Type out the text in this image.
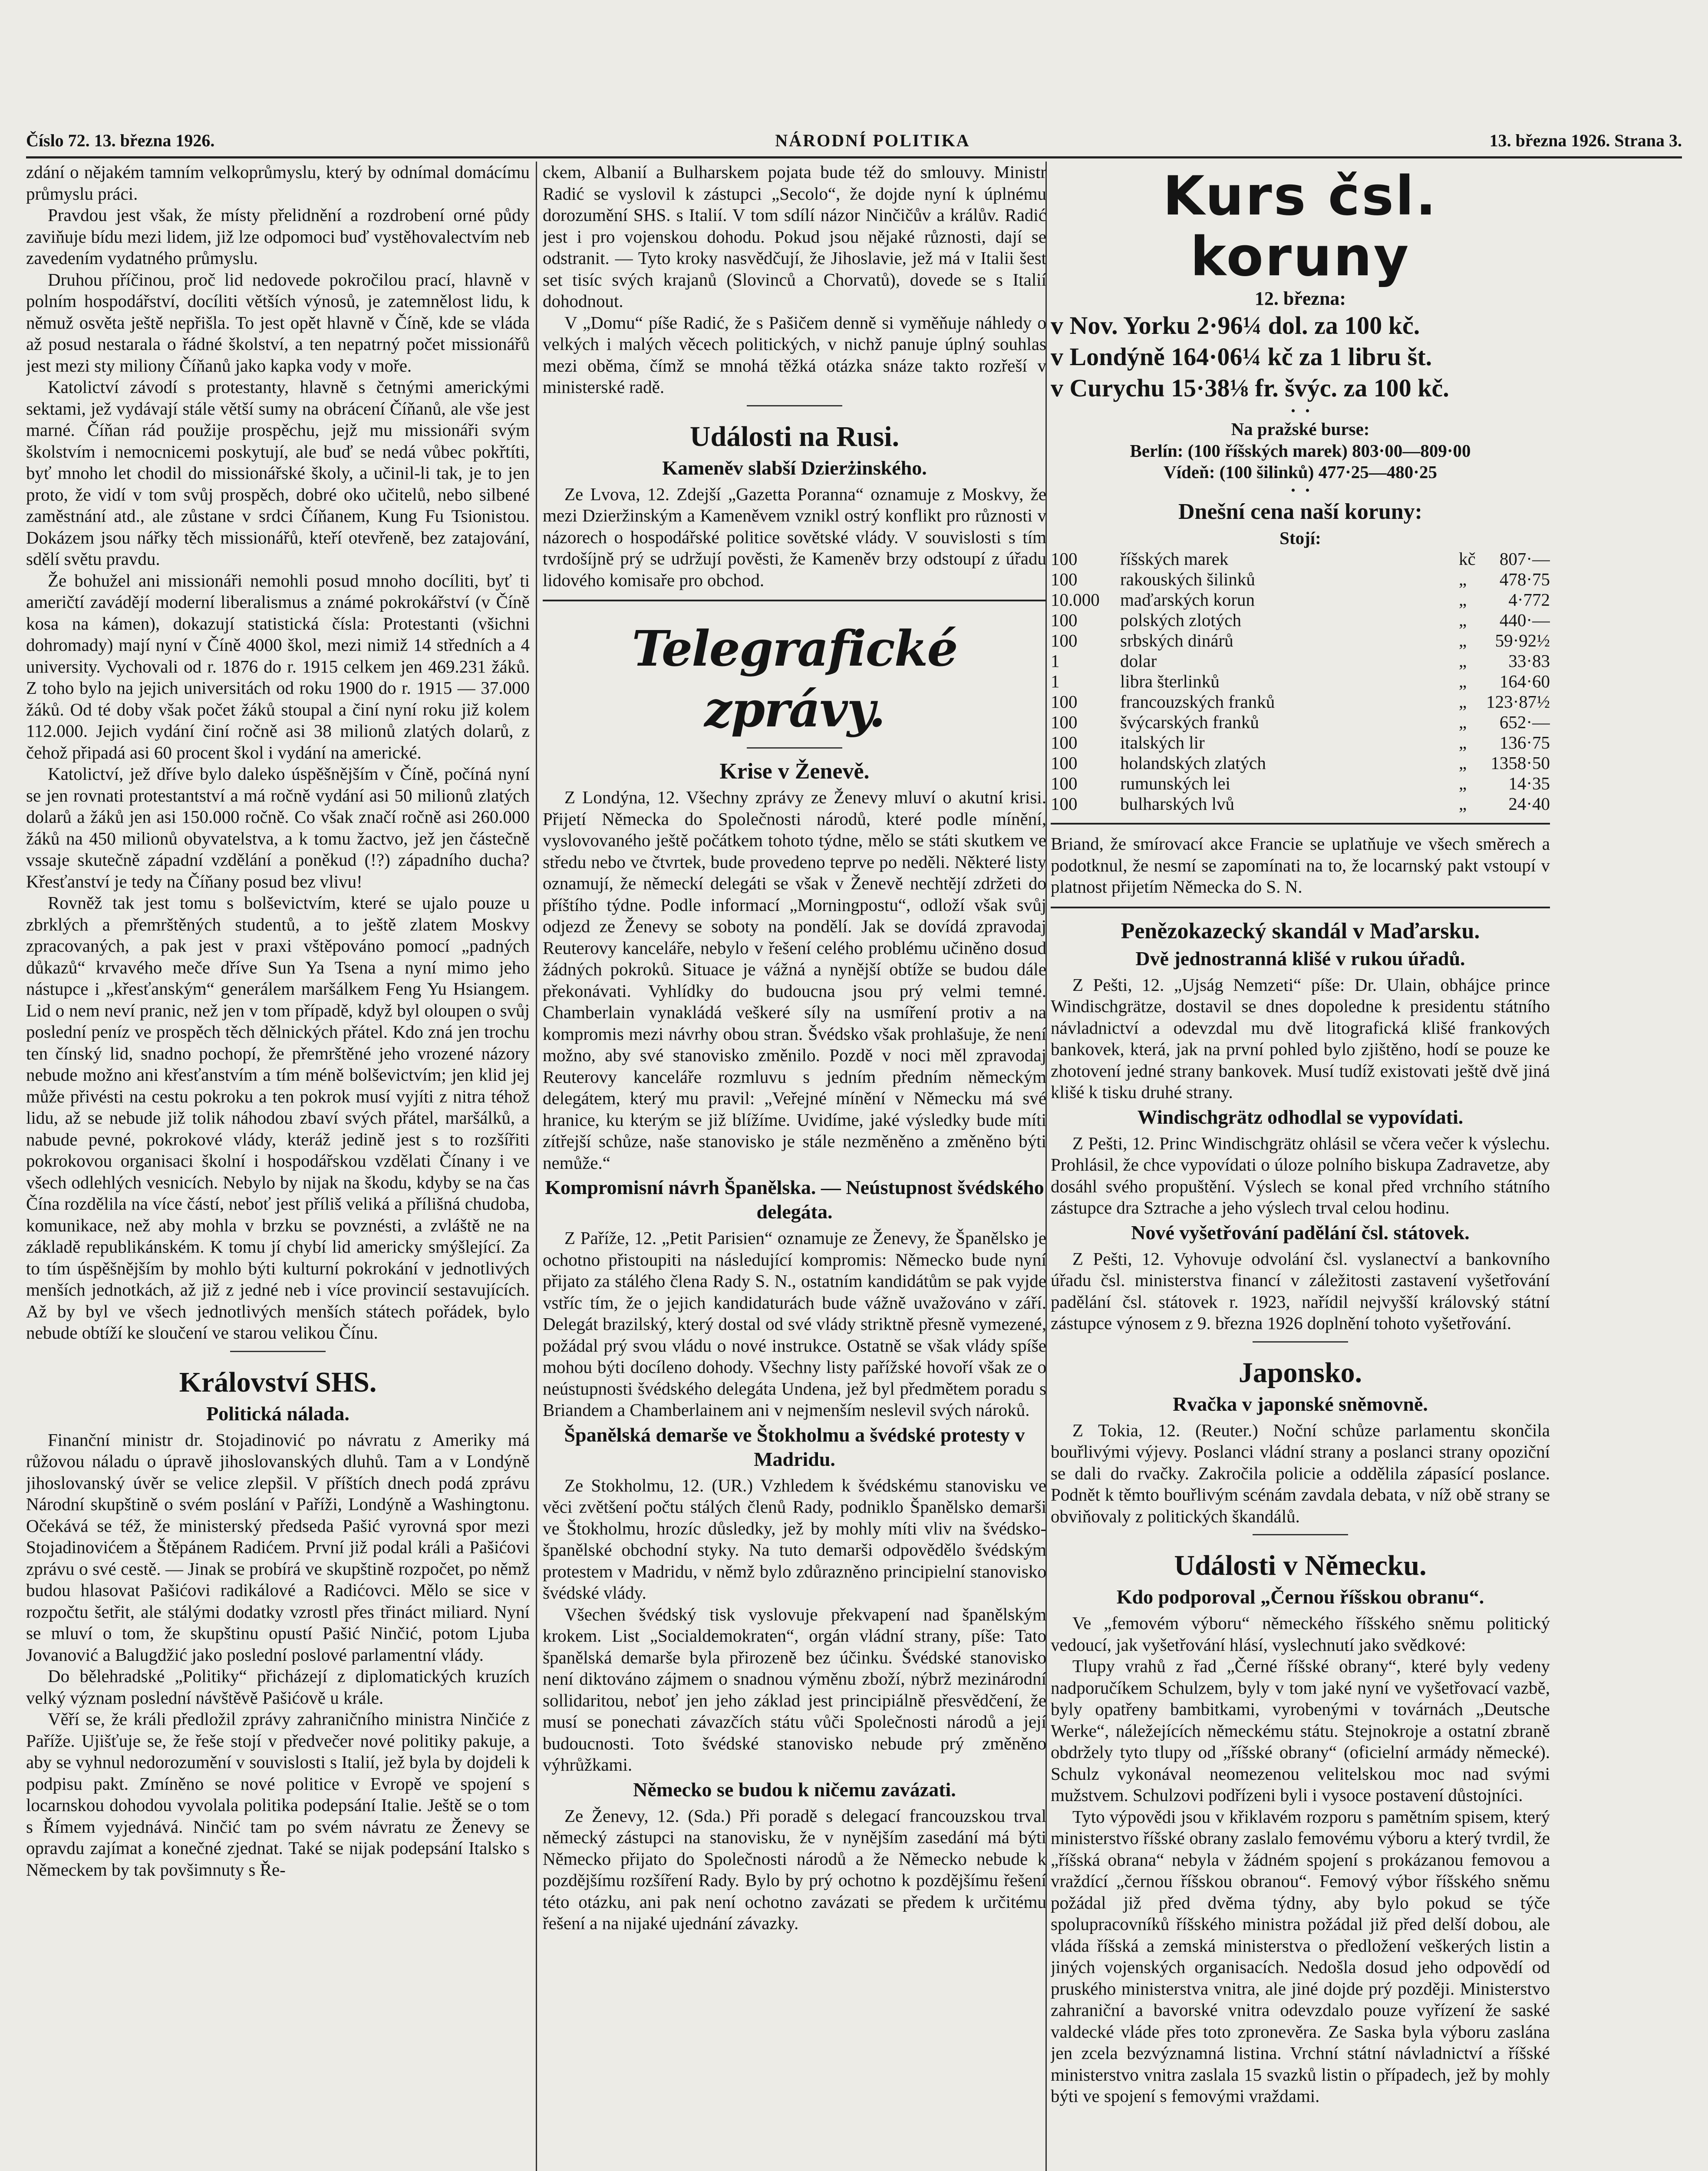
Číslo 72. 13. března 1926.	NÁRODNÍ POLITIKA	13. března 1926. Strana 3.

zdání o nějakém tamním velkoprůmyslu, který by odnímal domácímu průmyslu práci.

Pravdou jest však, že místy přelidnění a rozdrobení orné půdy zaviňuje bídu mezi lidem, již lze odpomoci buď vystěhovalectvím neb zavedením vydatného průmyslu.

Druhou příčinou, proč lid nedovede pokročilou prací, hlavně v polním hospodářství, docíliti větších výnosů, je zatemnělost lidu, k němuž osvěta ještě nepřišla. To jest opět hlavně v Číně, kde se vláda až posud nestarala o řádné školství, a ten nepatrný počet missionářů jest mezi sty miliony Číňanů jako kapka vody v moře.

Katolictví závodí s protestanty, hlavně s četnými americkými sektami, jež vydávají stále větší sumy na obrácení Číňanů, ale vše jest marné. Číňan rád použije prospěchu, jejž mu missionáři svým školstvím i nemocnicemi poskytují, ale buď se nedá vůbec pokřtíti, byť mnoho let chodil do missionářské školy, a učinil-li tak, je to jen proto, že vidí v tom svůj prospěch, dobré oko učitelů, nebo silbené zaměstnání atd., ale zůstane v srdci Číňanem, Kung Fu Tsionistou. Dokázem jsou nářky těch missionářů, kteří otevřeně, bez zatajování, sdělí světu pravdu.

Že bohužel ani missionáři nemohli posud mnoho docíliti, byť ti američtí zavádějí moderní liberalismus a známé pokrokářství (v Číně kosa na kámen), dokazují statistická čísla: Protestanti (všichni dohromady) mají nyní v Číně 4000 škol, mezi nimiž 14 středních a 4 university. Vychovali od r. 1876 do r. 1915 celkem jen 469.231 žáků. Z toho bylo na jejich universitách od roku 1900 do r. 1915 — 37.000 žáků. Od té doby však počet žáků stoupal a činí nyní roku již kolem 112.000. Jejich vydání činí ročně asi 38 milionů zlatých dolarů, z čehož připadá asi 60 procent škol i vydání na americké.

Katolictví, jež dříve bylo daleko úspěšnějším v Číně, počíná nyní se jen rovnati protestantství a má ročně vydání asi 50 milionů zlatých dolarů a žáků jen asi 150.000 ročně. Co však značí ročně asi 260.000 žáků na 450 milionů obyvatelstva, a k tomu žactvo, jež jen částečně vssaje skutečně západní vzdělání a poněkud (!?) západního ducha? Křesťanství je tedy na Číňany posud bez vlivu!

Rovněž tak jest tomu s bolševictvím, které se ujalo pouze u zbrklých a přemrštěných studentů, a to ještě zlatem Moskvy zpracovaných, a pak jest v praxi vštěpováno pomocí „padných důkazů“ krvavého meče dříve Sun Ya Tsena a nyní mimo jeho nástupce i „křesťanským“ generálem maršálkem Feng Yu Hsiangem. Lid o nem neví pranic, než jen v tom případě, když byl oloupen o svůj poslední peníz ve prospěch těch dělnických přátel. Kdo zná jen trochu ten čínský lid, snadno pochopí, že přemrštěné jeho vrozené názory nebude možno ani křesťanstvím a tím méně bolševictvím; jen klid jej může přivésti na cestu pokroku a ten pokrok musí vyjíti z nitra téhož lidu, až se nebude již tolik náhodou zbaví svých přátel, maršálků, a nabude pevné, pokrokové vlády, kteráž jedině jest s to rozšířiti pokrokovou organisaci školní i hospodářskou vzdělati Čínany i ve všech odlehlých vesnicích. Nebylo by nijak na škodu, kdyby se na čas Čína rozdělila na více částí, neboť jest příliš veliká a přílišná chudoba, komunikace, než aby mohla v brzku se povznésti, a zvláště ne na základě republikánském. K tomu jí chybí lid americky smýšlející. Za to tím úspěšnějším by mohlo býti kulturní pokrokání v jednotlivých menších jednotkách, až již z jedné neb i více provincií sestavujících. Až by byl ve všech jednotlivých menších státech pořádek, bylo nebude obtíží ke sloučení ve starou velikou Čínu.

Království SHS.
Politická nálada.

Finanční ministr dr. Stojadinović po návratu z Ameriky má růžovou náladu o úpravě jihoslovanských dluhů. Tam a v Londýně jihoslovanský úvěr se velice zlepšil. V příštích dnech podá zprávu Národní skupštině o svém poslání v Paříži, Londýně a Washingtonu. Očekává se též, že ministerský předseda Pašić vyrovná spor mezi Stojadinovićem a Štěpánem Radićem. První již podal králi a Pašićovi zprávu o své cestě. — Jinak se probírá ve skupštině rozpočet, po němž budou hlasovat Pašićovi radikálové a Radićovci. Mělo se sice v rozpočtu šetřit, ale stálými dodatky vzrostl přes třináct miliard. Nyní se mluví o tom, že skupštinu opustí Pašić Ninčić, potom Ljuba Jovanović a Balugdžić jako poslední poslové parlamentní vlády.

Do bělehradské „Politiky“ přicházejí z diplomatických kruzích velký význam poslední návštěvě Pašićově u krále.

Věří se, že králi předložil zprávy zahraničního ministra Ninčiće z Paříže. Ujišťuje se, že řeše stojí v předvečer nové politiky pakuje, a aby se vyhnul nedorozumění v souvislosti s Italií, jež byla by dojdeli k podpisu pakt. Zmíněno se nové politice v Evropě ve spojení s locarnskou dohodou vyvolala politika podepsání Italie. Ještě se o tom s Římem vyjednává. Ninčić tam po svém návratu ze Ženevy se opravdu zajímat a konečné zjednat. Také se nijak podepsání Italsko s Německem by tak povšimnuty s Ře-

ckem, Albanií a Bulharskem pojata bude též do smlouvy. Ministr Radić se vyslovil k zástupci „Secolo“, že dojde nyní k úplnému dorozumění SHS. s Italií. V tom sdílí názor Ninčičův a králův. Radić jest i pro vojenskou dohodu. Pokud jsou nějaké různosti, dají se odstranit. — Tyto kroky nasvědčují, že Jihoslavie, jež má v Italii šest set tisíc svých krajanů (Slovinců a Chorvatů), dovede se s Italií dohodnout.

V „Domu“ píše Radić, že s Pašičem denně si vyměňuje náhledy o velkých i malých věcech politických, v nichž panuje úplný souhlas mezi oběma, čímž se mnohá těžká otázka snáze takto rozřeší v ministerské radě.

Události na Rusi.
Kameněv slabší Dzierżinského.

Ze Lvova, 12. Zdejší „Gazetta Poranna“ oznamuje z Moskvy, že mezi Dzieržinským a Kameněvem vznikl ostrý konflikt pro různosti v názorech o hospodářské politice sovětské vlády. V souvislosti s tím tvrdošíjně prý se udržují pověsti, že Kameněv brzy odstoupí z úřadu lidového komisaře pro obchod.

Telegrafické zprávy.
Krise v Ženevě.

Z Londýna, 12. Všechny zprávy ze Ženevy mluví o akutní krisi. Přijetí Německa do Společnosti národů, které podle mínění, vyslovovaného ještě počátkem tohoto týdne, mělo se státi skutkem ve středu nebo ve čtvrtek, bude provedeno teprve po neděli. Některé listy oznamují, že německí delegáti se však v Ženevě nechtějí zdržeti do příštího týdne. Podle informací „Morningpostu“, odloží však svůj odjezd ze Ženevy se soboty na pondělí. Jak se dovídá zpravodaj Reuterovy kanceláře, nebylo v řešení celého problému učiněno dosud žádných pokroků. Situace je vážná a nynější obtíže se budou dále překonávati. Vyhlídky do budoucna jsou prý velmi temné. Chamberlain vynakládá veškeré síly na usmíření protiv a na kompromis mezi návrhy obou stran. Švédsko však prohlašuje, že není možno, aby své stanovisko změnilo. Pozdě v noci měl zpravodaj Reuterovy kanceláře rozmluvu s jedním předním německým delegátem, který mu pravil: „Veřejné mínění v Německu má své hranice, ku kterým se již blížíme. Uvidíme, jaké výsledky bude míti zítřejší schůze, naše stanovisko je stále nezměněno a změněno býti nemůže.“

Kompromisní návrh Španělska. — Neústupnost švédského delegáta.

Z Paříže, 12. „Petit Parisien“ oznamuje ze Ženevy, že Španělsko je ochotno přistoupiti na následující kompromis: Německo bude nyní přijato za stálého člena Rady S. N., ostatním kandidátům se pak vyjde vstříc tím, že o jejich kandidaturách bude vážně uvažováno v září. Delegát brazilský, který dostal od své vlády striktně přesně vymezené, požádal prý svou vládu o nové instrukce. Ostatně se však vlády spíše mohou býti docíleno dohody. Všechny listy pařížské hovoří však ze o neústupnosti švédského delegáta Undena, jež byl předmětem poradu s Briandem a Chamberlainem ani v nejmenším neslevil svých nároků.

Španělská demarše ve Štokholmu a švédské protesty v Madridu.

Ze Stokholmu, 12. (UR.) Vzhledem k švédskému stanovisku ve věci zvětšení počtu stálých členů Rady, podniklo Španělsko demarši ve Štokholmu, hrozíc důsledky, jež by mohly míti vliv na švédsko-španělské obchodní styky. Na tuto demarši odpovědělo švédským protestem v Madridu, v němž bylo zdůrazněno principielní stanovisko švédské vlády.

Všechen švédský tisk vyslovuje překvapení nad španělským krokem. List „Socialdemokraten“, orgán vládní strany, píše: Tato španělská demarše byla přirozeně bez účinku. Švédské stanovisko není diktováno zájmem o snadnou výměnu zboží, nýbrž mezinárodní sollidaritou, neboť jen jeho základ jest principiálně přesvědčení, že musí se ponechati závazčích státu vůči Společnosti národů a její budoucnosti. Toto švédské stanovisko nebude prý změněno výhrůžkami.

Německo se budou k ničemu zavázati.

Ze Ženevy, 12. (Sda.) Při poradě s delegací francouzskou trval německý zástupci na stanovisku, že v nynějším zasedání má býti Německo přijato do Společnosti národů a že Německo nebude k pozdějšímu rozšíření Rady. Bylo by prý ochotno k pozdějšímu řešení této otázku, ani pak není ochotno zavázati se předem k určitému řešení a na nijaké ujednání závazky.

Kurs čsl. koruny
12. března:
v Nov. Yorku 2·96¼ dol. za 100 kč.
v Londýně 164·06¼ kč za 1 libru št.
v Curychu 15·38⅛ fr. švýc. za 100 kč.
•   •
Na pražské burse:
Berlín: (100 říšských marek) 803·00—809·00
Vídeň: (100 šilinků) 477·25—480·25
•   •
Dnešní cena naší koruny:
Stojí:
100	říšských marek	kč	807·—
100	rakouských šilinků	„	478·75
10.000	maďarských korun	„	4·772
100	polských zlotých	„	440·—
100	srbských dinárů	„	59·92½
1	dolar	„	33·83
1	libra šterlinků	„	164·60
100	francouzských franků	„	123·87½
100	švýcarských franků	„	652·—
100	italských lir	„	136·75
100	holandských zlatých	„	1358·50
100	rumunských lei	„	14·35
100	bulharských lvů	„	24·40

Briand, že smírovací akce Francie se uplatňuje ve všech směrech a podotknul, že nesmí se zapomínati na to, že locarnský pakt vstoupí v platnost přijetím Německa do S. N.

Penězokazecký skandál v Maďarsku.
Dvě jednostranná klišé v rukou úřadů.

Z Pešti, 12. „Ujság Nemzeti“ píše: Dr. Ulain, obhájce prince Windischgrätze, dostavil se dnes dopoledne k presidentu státního návladnictví a odevzdal mu dvě litografická klišé frankových bankovek, která, jak na první pohled bylo zjištěno, hodí se pouze ke zhotovení jedné strany bankovek. Musí tudíž existovati ještě dvě jiná klišé k tisku druhé strany.

Windischgrätz odhodlal se vypovídati.

Z Pešti, 12. Princ Windischgrätz ohlásil se včera večer k výslechu. Prohlásil, že chce vypovídati o úloze polního biskupa Zadravetze, aby dosáhl svého propuštění. Výslech se konal před vrchního státního zástupce dra Sztrache a jeho výslech trval celou hodinu.

Nové vyšetřování padělání čsl. státovek.

Z Pešti, 12. Vyhovuje odvolání čsl. vyslanectví a bankovního úřadu čsl. ministerstva financí v záležitosti zastavení vyšetřování padělání čsl. státovek r. 1923, nařídil nejvyšší královský státní zástupce výnosem z 9. března 1926 doplnění tohoto vyšetřování.

Japonsko.
Rvačka v japonské sněmovně.

Z Tokia, 12. (Reuter.) Noční schůze parlamentu skončila bouřlivými výjevy. Poslanci vládní strany a poslanci strany opoziční se dali do rvačky. Zakročila policie a oddělila zápasící poslance. Podnět k těmto bouřlivým scénám zavdala debata, v níž obě strany se obviňovaly z politických škandálů.

Události v Německu.
Kdo podporoval „Černou říšskou obranu“.

Ve „femovém výboru“ německého říšského sněmu politický vedoucí, jak vyšetřování hlásí, vyslechnutí jako svědkové:

Tlupy vrahů z řad „Černé říšské obrany“, které byly vedeny nadporučíkem Schulzem, byly v tom jaké nyní ve vyšetřovací vazbě, byly opatřeny bambitkami, vyrobenými v továrnách „Deutsche Werke“, náležejících německému státu. Stejnokroje a ostatní zbraně obdržely tyto tlupy od „říšské obrany“ (oficielní armády německé). Schulz vykonával neomezenou velitelskou moc nad svými mužstvem. Schulzovi podřízeni byli i vysoce postavení důstojníci.

Tyto výpovědi jsou v křiklavém rozporu s pamětním spisem, který ministerstvo říšské obrany zaslalo femovému výboru a který tvrdil, že „říšská obrana“ nebyla v žádném spojení s prokázanou femovou a vraždící „černou říšskou obranou“. Femový výbor říšského sněmu požádal již před dvěma týdny, aby bylo pokud se týče spolupracovníků říšského ministra požádal již před delší dobou, ale vláda říšská a zemská ministerstva o předložení veškerých listin a jiných vojenských organisacích. Nedošla dosud jeho odpovědí od pruského ministerstva vnitra, ale jiné dojde prý později. Ministerstvo zahraniční a bavorské vnitra odevzdalo pouze vyřízení že saské valdecké vláde přes toto zpronevěra. Ze Saska byla výboru zaslána jen zcela bezvýznamná listina. Vrchní státní návladnictví a říšské ministerstvo vnitra zaslala 15 svazků listin o případech, jež by mohly býti ve spojení s femovými vraždami.
